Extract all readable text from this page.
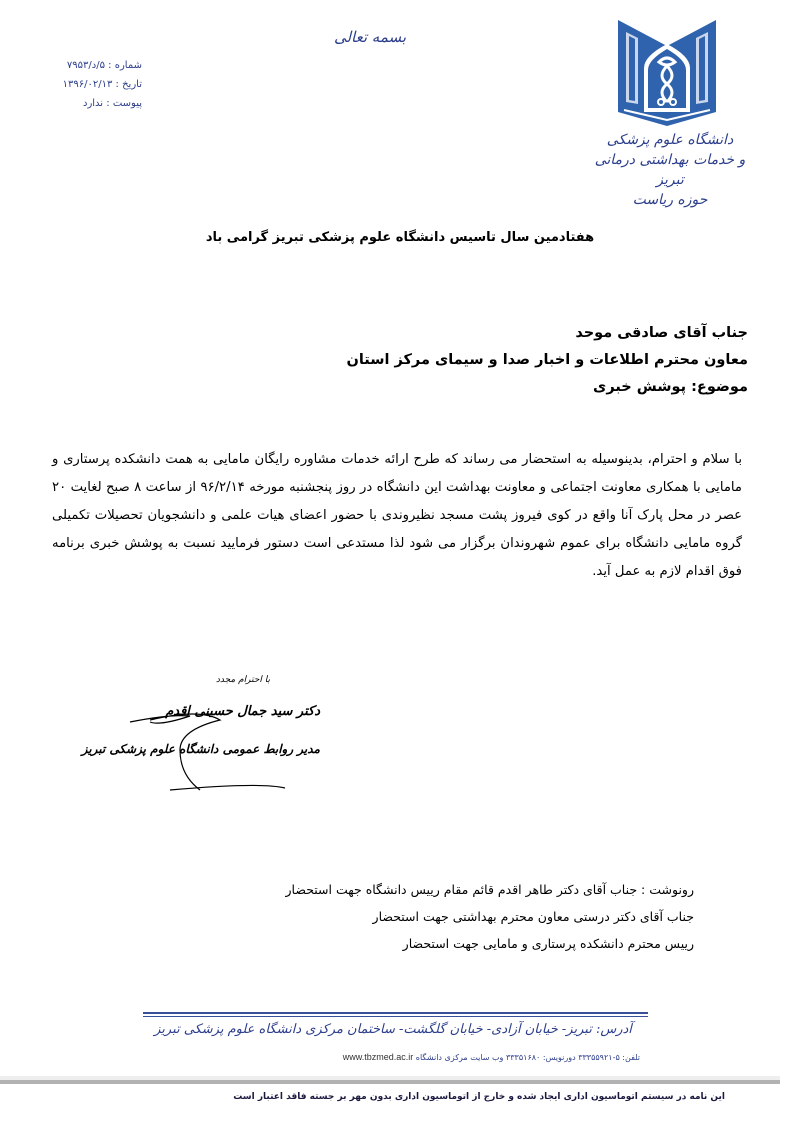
بسمه تعالی
شماره : ۵/د/۷۹۵۳
تاریخ : ۱۳۹۶/۰۲/۱۳
پیوست : ندارد
دانشگاه علوم پزشکی
و خدمات بهداشتی درمانی تبریز
حوزه ریاست
هفتادمین سال تاسیس دانشگاه علوم پزشکی تبریز گرامی باد
جناب آقای صادقی موحد
معاون محترم اطلاعات و اخبار صدا و سیمای مرکز استان
موضوع: پوشش خبری

با سلام و احترام، بدینوسیله به استحضار می رساند که طرح ارائه خدمات مشاوره رایگان مامایی به همت دانشکده پرستاری و مامایی با همکاری معاونت اجتماعی و معاونت بهداشت این دانشگاه در روز پنجشنبه مورخه ۹۶/۲/۱۴ از ساعت ۸ صبح لغایت ۲۰ عصر در محل پارک آنا واقع در کوی فیروز پشت مسجد نظیروندی با حضور اعضای هیات علمی و دانشجویان تحصیلات تکمیلی گروه مامایی دانشگاه برای عموم شهروندان برگزار می شود لذا مستدعی است دستور فرمایید نسبت به پوشش خبری برنامه فوق اقدام لازم به عمل آید.

با احترام مجدد
دکتر سید جمال حسینی اقدم
مدیر روابط عمومی دانشگاه علوم پزشکی تبریز
رونوشت : جناب آقای دکتر طاهر اقدم قائم مقام رییس دانشگاه جهت استحضار
جناب آقای دکتر درستی معاون محترم بهداشتی جهت استحضار
رییس محترم دانشکده پرستاری و مامایی جهت استحضار
آدرس: تبریز- خیابان آزادی- خیابان گلگشت- ساختمان مرکزی دانشگاه علوم پزشکی تبریز
تلفن: ۵-۳۳۳۵۵۹۲۱ دورنویس: ۳۳۳۵۱۶۸۰ وب سایت مرکزی دانشگاه www.tbzmed.ac.ir
این نامه در سیستم اتوماسیون اداری ایجاد شده و خارج از اتوماسیون اداری بدون مهر بر جسته فاقد اعتبار است
